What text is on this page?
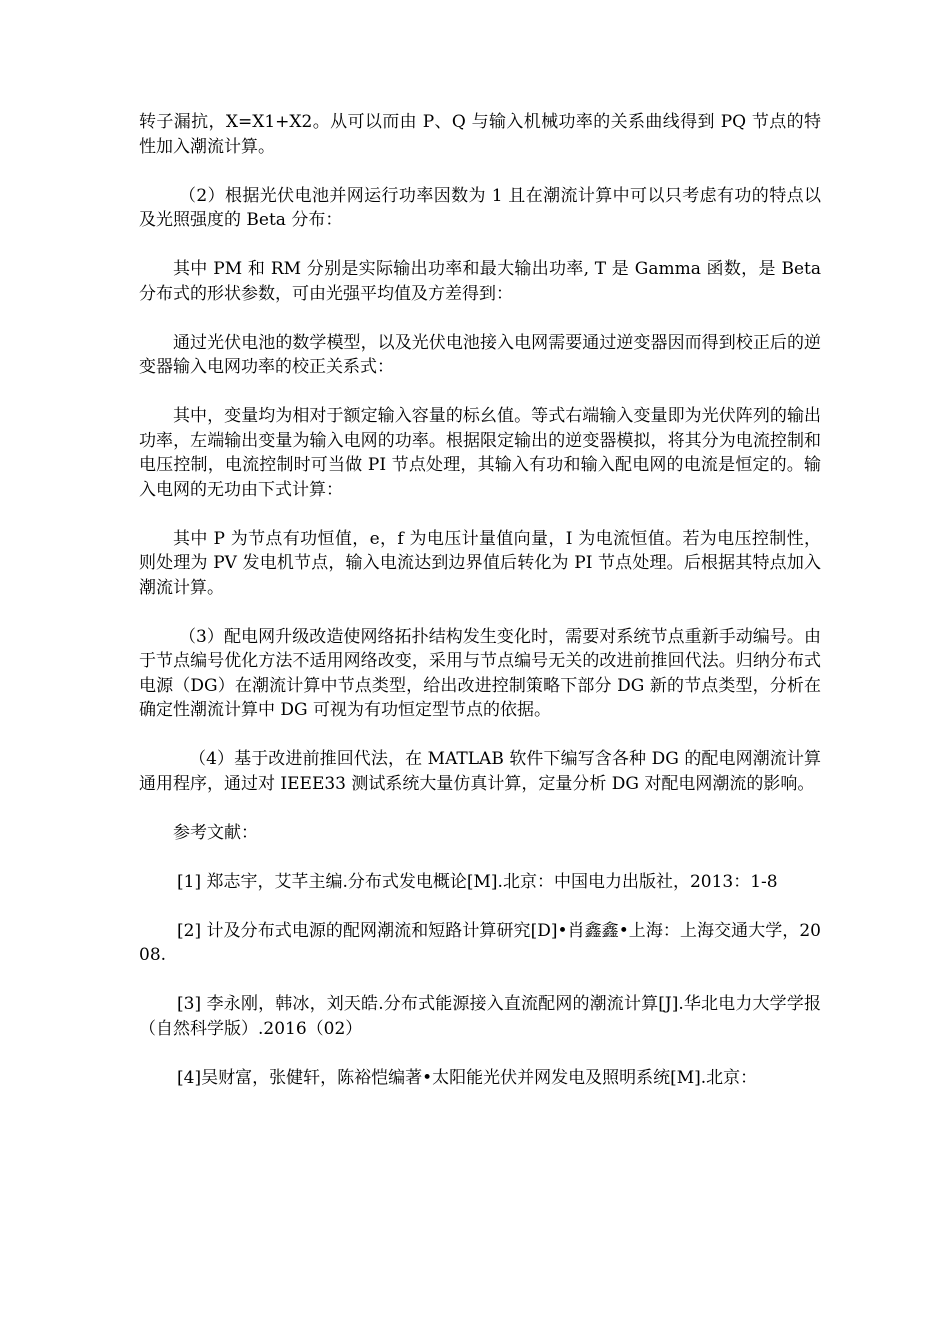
转子漏抗，X=X1+X2。从可以而由 P、Q 与输入机械功率的关系曲线得到 PQ 节点的特性加入潮流计算。

（2）根据光伏电池并网运行功率因数为 1 且在潮流计算中可以只考虑有功的特点以及光照强度的 Beta 分布：

其中 PM 和 RM 分别是实际输出功率和最大输出功率, T 是 Gamma 函数，是 Beta 分布式的形状参数，可由光强平均值及方差得到：

通过光伏电池的数学模型，以及光伏电池接入电网需要通过逆变器因而得到校正后的逆变器输入电网功率的校正关系式：

其中，变量均为相对于额定输入容量的标幺值。等式右端输入变量即为光伏阵列的输出功率，左端输出变量为输入电网的功率。根据限定输出的逆变器模拟，将其分为电流控制和电压控制，电流控制时可当做 PI 节点处理，其输入有功和输入配电网的电流是恒定的。输入电网的无功由下式计算：

其中 P 为节点有功恒值，e，f 为电压计量值向量，I 为电流恒值。若为电压控制性，则处理为 PV 发电机节点，输入电流达到边界值后转化为 PI 节点处理。后根据其特点加入潮流计算。

（3）配电网升级改造使网络拓扑结构发生变化时，需要对系统节点重新手动编号。由于节点编号优化方法不适用网络改变，采用与节点编号无关的改进前推回代法。归纳分布式电源（DG）在潮流计算中节点类型，给出改进控制策略下部分 DG 新的节点类型，分析在确定性潮流计算中 DG 可视为有功恒定型节点的依据。

（4）基于改进前推回代法，在 MATLAB 软件下编写含各种 DG 的配电网潮流计算通用程序，通过对 IEEE33 测试系统大量仿真计算，定量分析 DG 对配电网潮流的影响。

参考文献：

[1] 郑志宇，艾芊主编.分布式发电概论[M].北京：中国电力出版社，2013：1-8

[2] 计及分布式电源的配网潮流和短路计算研究[D]•肖鑫鑫•上海：上海交通大学，2008.

[3] 李永刚，韩冰，刘天皓.分布式能源接入直流配网的潮流计算[J].华北电力大学学报（自然科学版）.2016（02）

[4]吴财富，张健轩，陈裕恺编著•太阳能光伏并网发电及照明系统[M].北京：
